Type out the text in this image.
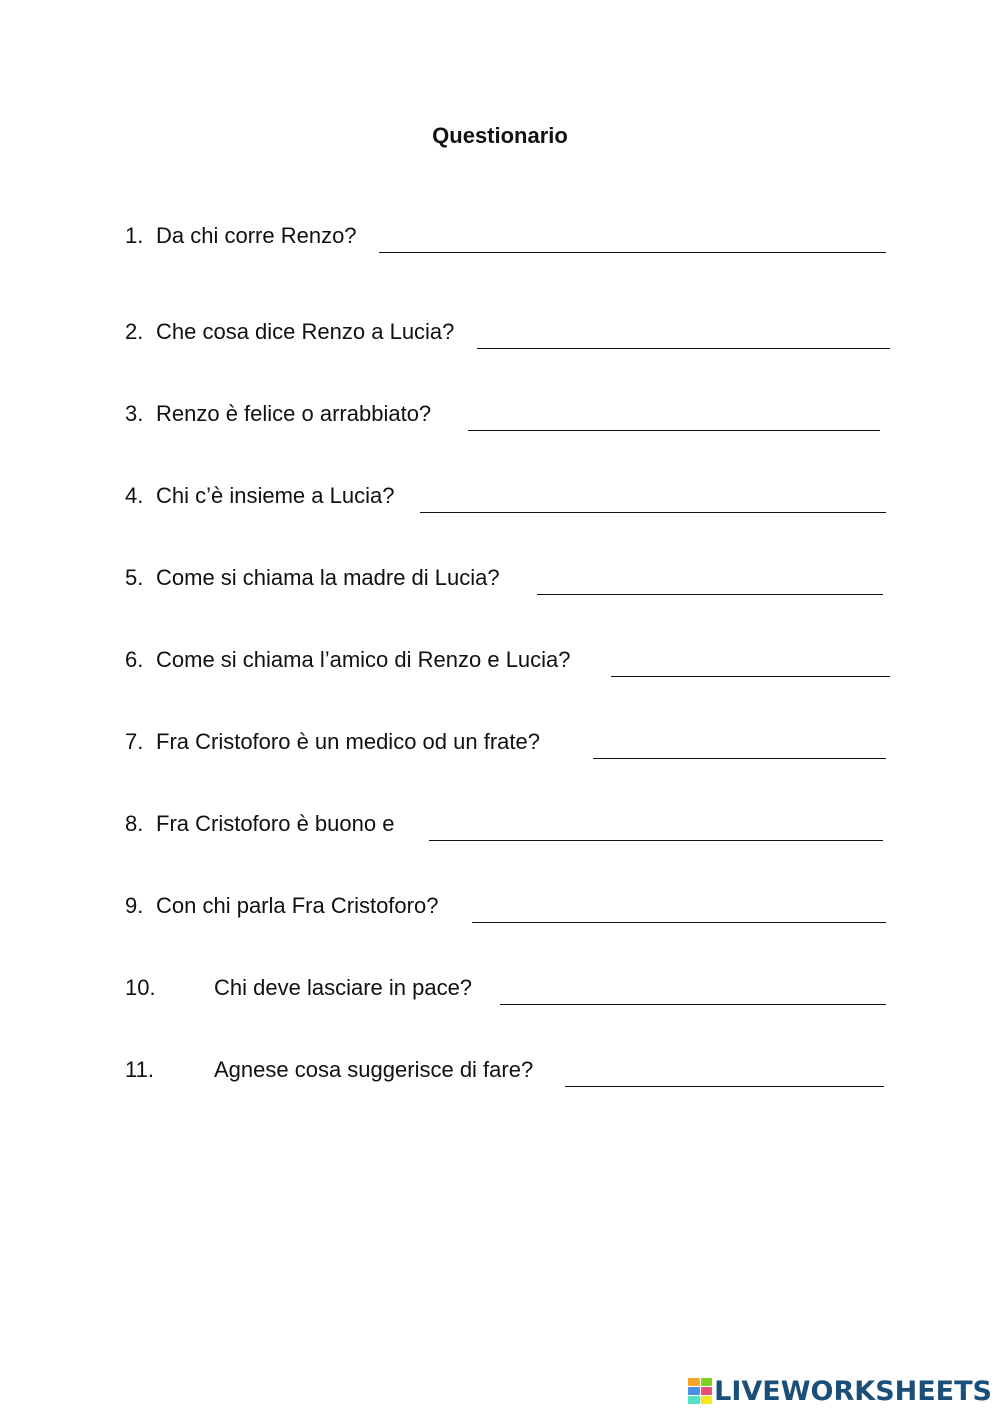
Questionario
1. Da chi corre Renzo?
2. Che cosa dice Renzo a Lucia?
3. Renzo è felice o arrabbiato?
4. Chi c’è insieme a Lucia?
5. Come si chiama la madre di Lucia?
6. Come si chiama l’amico di Renzo e Lucia?
7. Fra Cristoforo è un medico od un frate?
8. Fra Cristoforo è buono e
9. Con chi parla Fra Cristoforo?
10.	Chi deve lasciare in pace?
11.	Agnese cosa suggerisce di fare?
LIVEWORKSHEETS
